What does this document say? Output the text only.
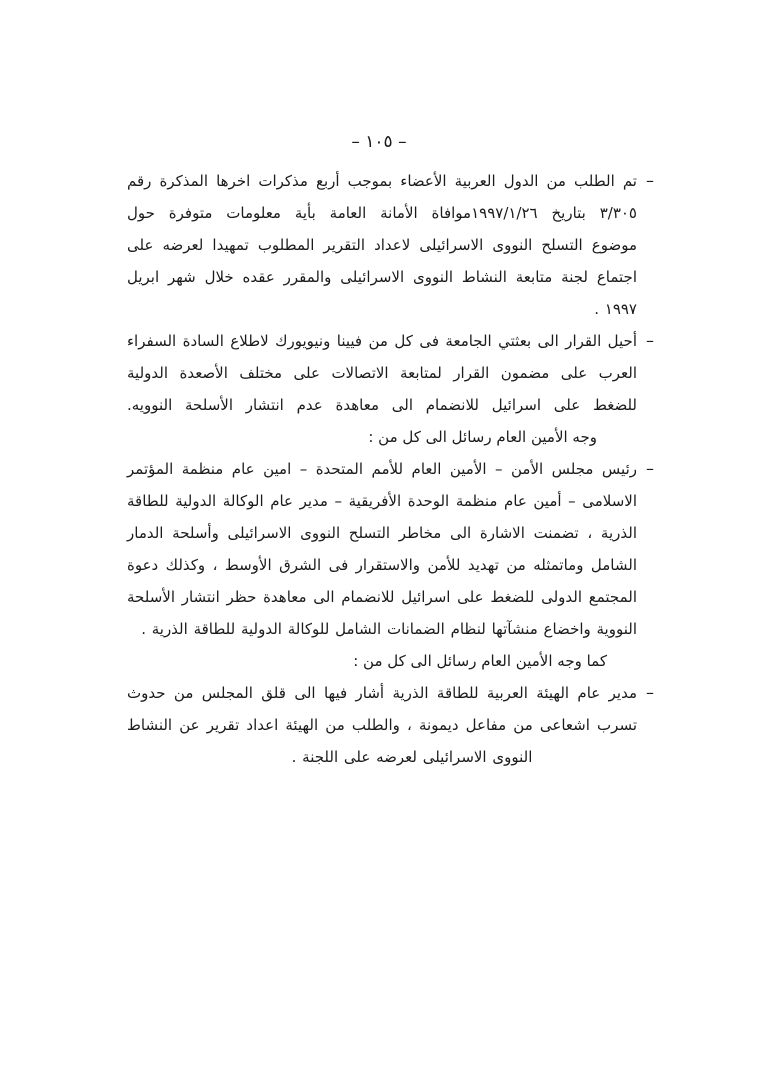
– ١٠٥ –
–
تم الطلب من الدول العربية الأعضاء بموجب أربع مذكرات اخرها المذكرة رقم
٣/٣٠٥ بتاريخ ١٩٩٧/١/٢٦موافاة الأمانة العامة بأية معلومات متوفرة حول
موضوع التسلح النووى الاسرائيلى لاعداد التقرير المطلوب تمهيدا لعرضه على
اجتماع لجنة متابعة النشاط النووى الاسرائيلى والمقرر عقده خلال شهر ابريل
١٩٩٧ .
–
أحيل القرار الى بعثتي الجامعة فى كل من فيينا ونيويورك لاطلاع السادة السفراء
العرب على مضمون القرار لمتابعة الاتصالات على مختلف الأصعدة الدولية
للضغط على اسرائيل للانضمام الى معاهدة عدم انتشار الأسلحة النوويه.
وجه الأمين العام رسائل الى كل من :
–
رئيس مجلس الأمن – الأمين العام للأمم المتحدة – امين عام منظمة المؤتمر
الاسلامى – أمين عام منظمة الوحدة الأفريقية – مدير عام الوكالة الدولية للطاقة
الذرية ، تضمنت الاشارة الى مخاطر التسلح النووى الاسرائيلى وأسلحة الدمار
الشامل وماتمثله من تهديد للأمن والاستقرار فى الشرق الأوسط ، وكذلك دعوة
المجتمع الدولى للضغط على اسرائيل للانضمام الى معاهدة حظر انتشار الأسلحة
النووية واخضاع منشآتها لنظام الضمانات الشامل للوكالة الدولية للطاقة الذرية .
كما وجه الأمين العام رسائل الى كل من :
–
مدير عام الهيئة العربية للطاقة الذرية أشار فيها الى قلق المجلس من حدوث
تسرب اشعاعى من مفاعل ديمونة ، والطلب من الهيئة اعداد تقرير عن النشاط
النووى الاسرائيلى لعرضه على اللجنة .
